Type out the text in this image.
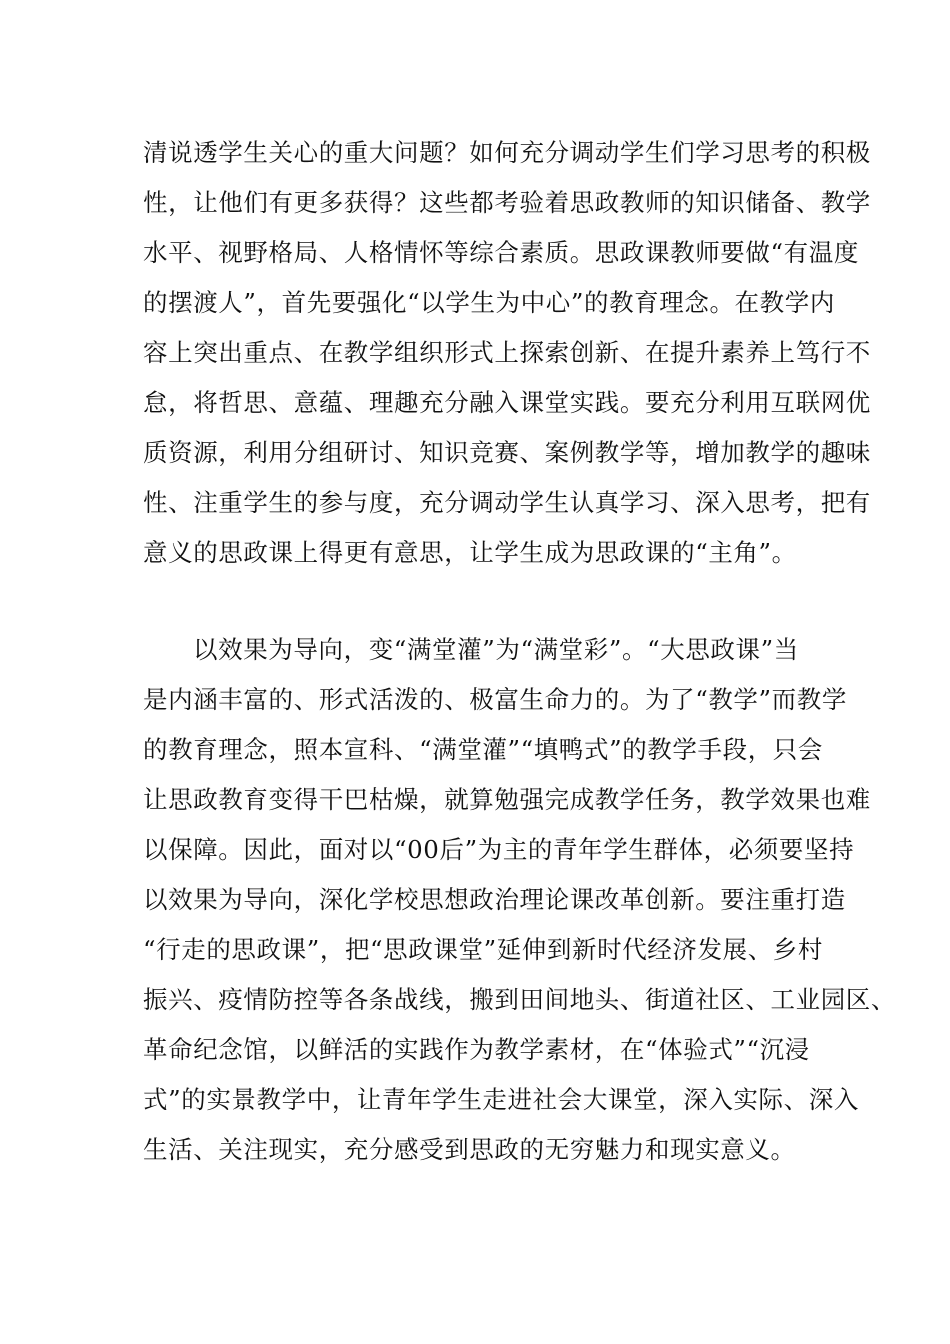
清说透学生关心的重大问题？如何充分调动学生们学习思考的积极
性，让他们有更多获得？这些都考验着思政教师的知识储备、教学
水平、视野格局、人格情怀等综合素质。思政课教师要做“有温度
的摆渡人”，首先要强化“以学生为中心”的教育理念。在教学内
容上突出重点、在教学组织形式上探索创新、在提升素养上笃行不
怠，将哲思、意蕴、理趣充分融入课堂实践。要充分利用互联网优
质资源，利用分组研讨、知识竞赛、案例教学等，增加教学的趣味
性、注重学生的参与度，充分调动学生认真学习、深入思考，把有
意义的思政课上得更有意思，让学生成为思政课的“主角”。
以效果为导向，变“满堂灌”为“满堂彩”。“大思政课”当
是内涵丰富的、形式活泼的、极富生命力的。为了“教学”而教学
的教育理念，照本宣科、“满堂灌”“填鸭式”的教学手段，只会
让思政教育变得干巴枯燥，就算勉强完成教学任务，教学效果也难
以保障。因此，面对以“00后”为主的青年学生群体，必须要坚持
以效果为导向，深化学校思想政治理论课改革创新。要注重打造
“行走的思政课”，把“思政课堂”延伸到新时代经济发展、乡村
振兴、疫情防控等各条战线，搬到田间地头、街道社区、工业园区、
革命纪念馆，以鲜活的实践作为教学素材，在“体验式”“沉浸
式”的实景教学中，让青年学生走进社会大课堂，深入实际、深入
生活、关注现实，充分感受到思政的无穷魅力和现实意义。
